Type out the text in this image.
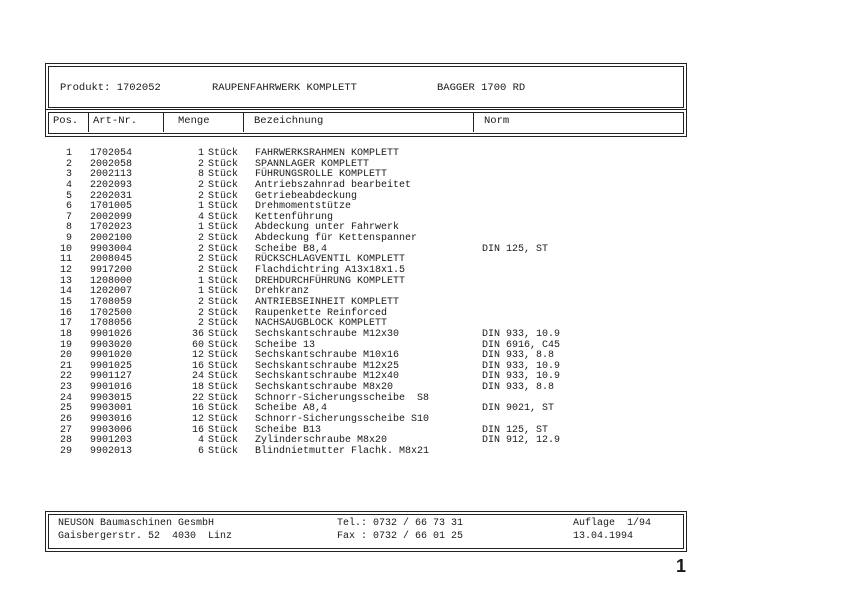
Produkt: 1702052	RAUPENFAHRWERK KOMPLETT	BAGGER 1700 RD
Pos. Art-Nr.	Menge	Bezeichnung	Norm
1 1702054	1 Stück FAHRWERKSRAHMEN KOMPLETT
2 2002058	2 Stück SPANNLAGER KOMPLETT
3 2002113	8 Stück FÜHRUNGSROLLE KOMPLETT
4 2202093	2 Stück Antriebszahnrad bearbeitet
5 2202031	2 Stück Getriebeabdeckung
6 1701005	1 Stück Drehmomentstütze
7 2002099	4 Stück Kettenführung
8 1702023	1 Stück Abdeckung unter Fahrwerk
9 2002100	2 Stück Abdeckung für Kettenspanner
10 9903004	2 Stück Scheibe B8,4	DIN 125, ST
11 2008045	2 Stück RÜCKSCHLAGVENTIL KOMPLETT
12 9917200	2 Stück Flachdichtring A13x18x1.5
13 1208000	1 Stück DREHDURCHFÜHRUNG KOMPLETT
14 1202007	1 Stück Drehkranz
15 1708059	2 Stück ANTRIEBSEINHEIT KOMPLETT
16 1702500	2 Stück Raupenkette Reinforced
17 1708056	2 Stück NACHSAUGBLOCK KOMPLETT
18 9901026	36 Stück Sechskantschraube M12x30	DIN 933, 10.9
19 9903020	60 Stück Scheibe 13	DIN 6916, C45
20 9901020	12 Stück Sechskantschraube M10x16	DIN 933, 8.8
21 9901025	16 Stück Sechskantschraube M12x25	DIN 933, 10.9
22 9901127	24 Stück Sechskantschraube M12x40	DIN 933, 10.9
23 9901016	18 Stück Sechskantschraube M8x20	DIN 933, 8.8
24 9903015	22 Stück Schnorr-Sicherungsscheibe  S8
25 9903001	16 Stück Scheibe A8,4	DIN 9021, ST
26 9903016	12 Stück Schnorr-Sicherungsscheibe S10
27 9903006	16 Stück Scheibe B13	DIN 125, ST
28 9901203	4 Stück Zylinderschraube M8x20	DIN 912, 12.9
29 9902013	6 Stück Blindnietmutter Flachk. M8x21
NEUSON Baumaschinen GesmbH
Gaisbergerstr. 52  4030  Linz
Tel.: 0732 / 66 73 31
Fax : 0732 / 66 01 25
Auflage  1/94
13.04.1994
1
